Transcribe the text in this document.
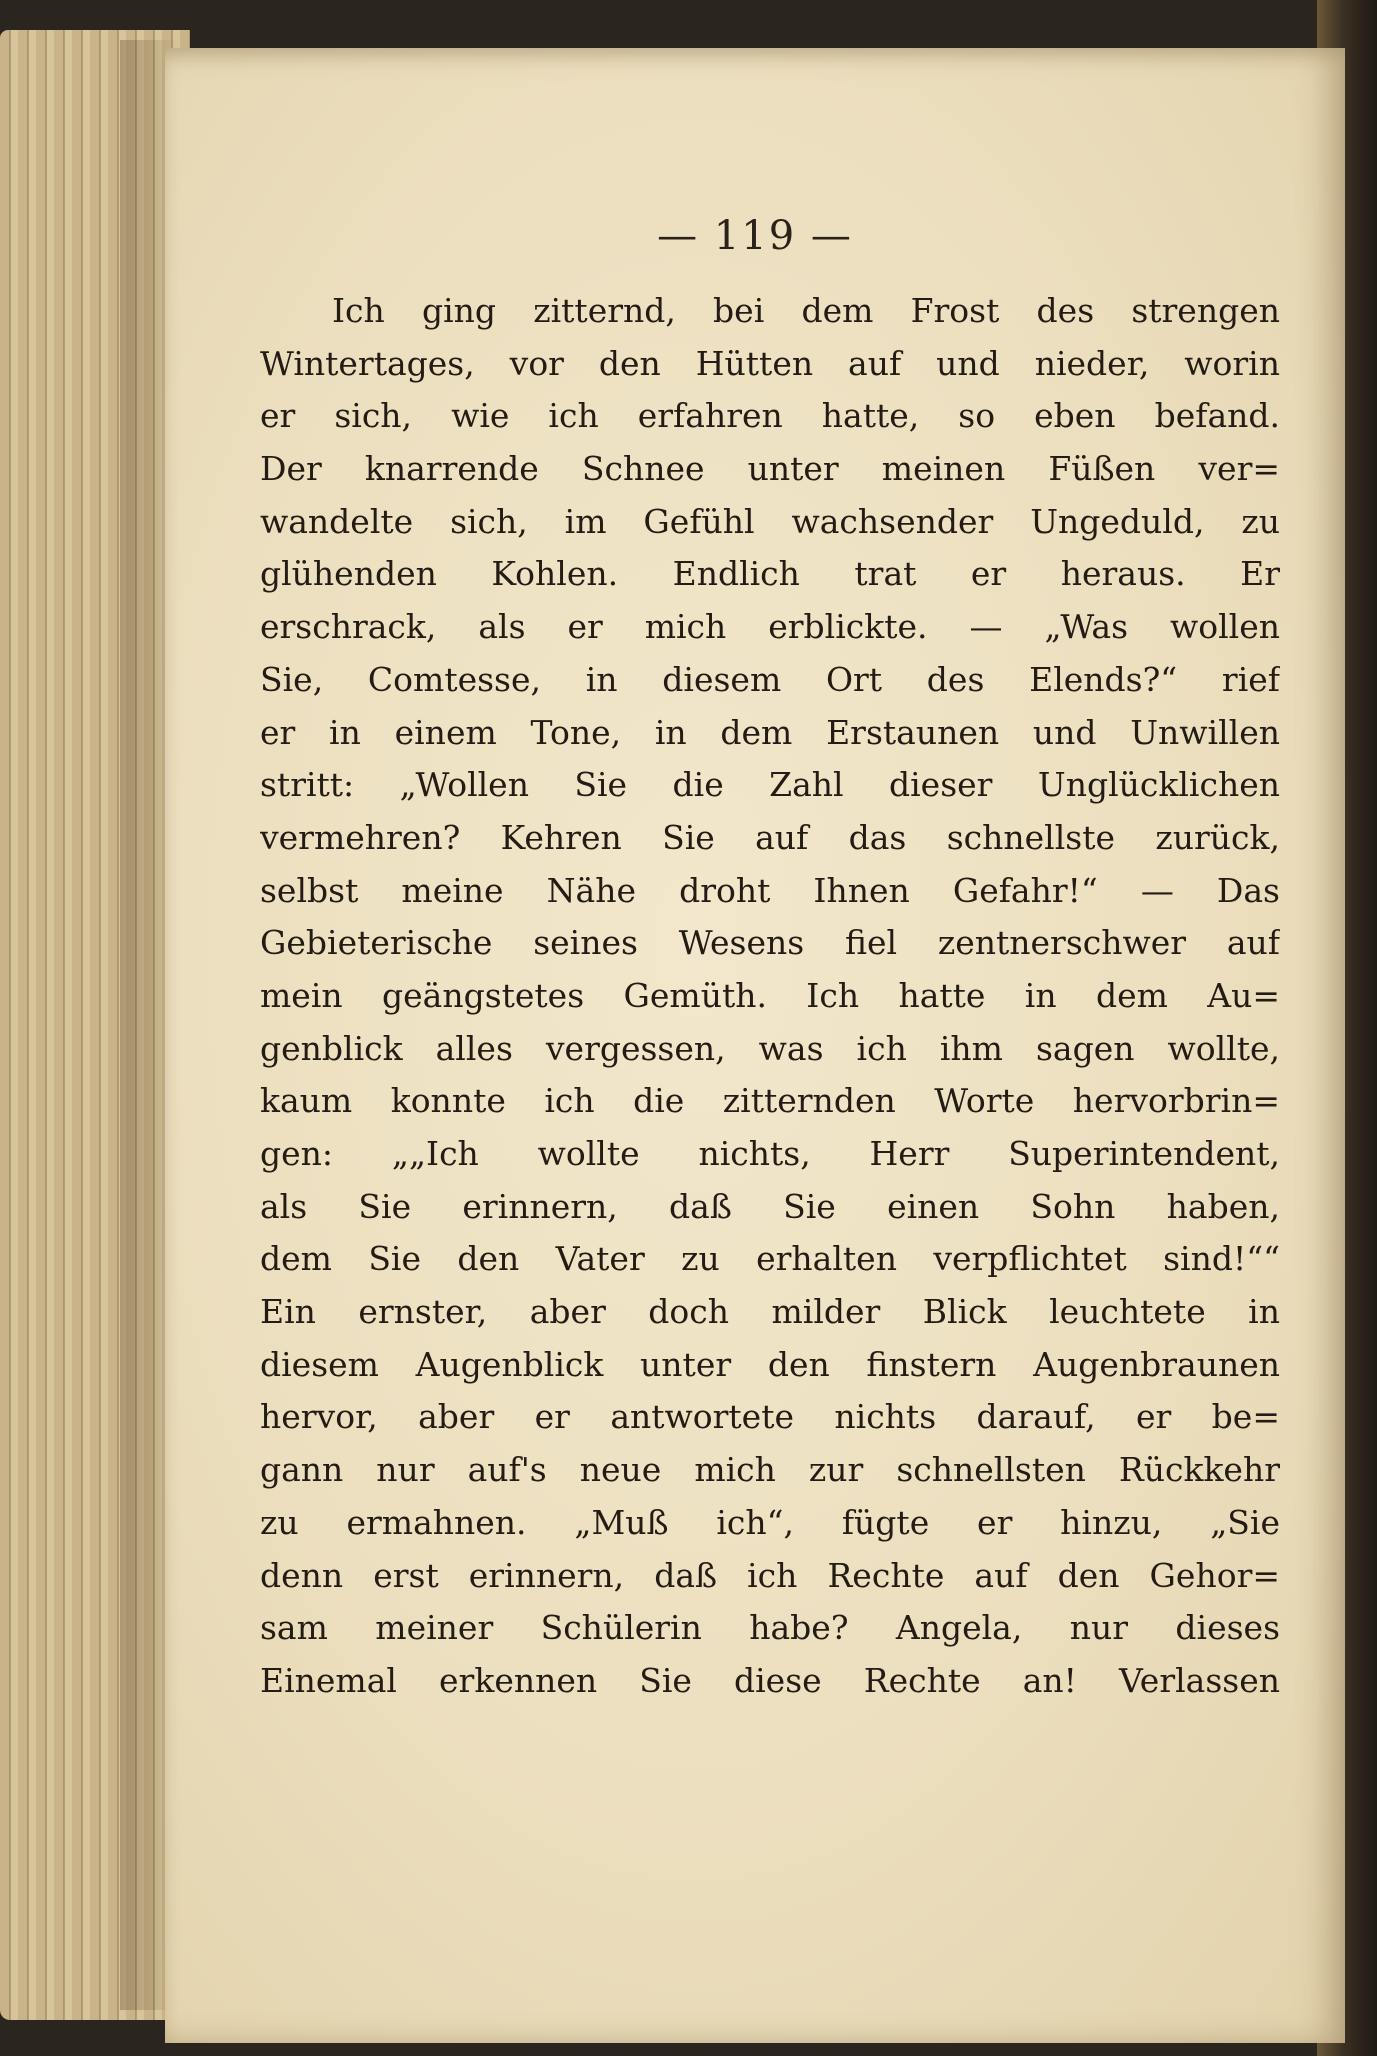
— 119 —
Ich ging zitternd, bei dem Frost des strengen
Wintertages, vor den Hütten auf und nieder, worin
er sich, wie ich erfahren hatte, so eben befand.
Der knarrende Schnee unter meinen Füßen ver=
wandelte sich, im Gefühl wachsender Ungeduld, zu
glühenden Kohlen. Endlich trat er heraus. Er
erschrack, als er mich erblickte. — „Was wollen
Sie, Comtesse, in diesem Ort des Elends?“ rief
er in einem Tone, in dem Erstaunen und Unwillen
stritt: „Wollen Sie die Zahl dieser Unglücklichen
vermehren? Kehren Sie auf das schnellste zurück,
selbst meine Nähe droht Ihnen Gefahr!“ — Das
Gebieterische seines Wesens fiel zentnerschwer auf
mein geängstetes Gemüth. Ich hatte in dem Au=
genblick alles vergessen, was ich ihm sagen wollte,
kaum konnte ich die zitternden Worte hervorbrin=
gen: „„Ich wollte nichts, Herr Superintendent,
als Sie erinnern, daß Sie einen Sohn haben,
dem Sie den Vater zu erhalten verpflichtet sind!““
Ein ernster, aber doch milder Blick leuchtete in
diesem Augenblick unter den finstern Augenbraunen
hervor, aber er antwortete nichts darauf, er be=
gann nur auf's neue mich zur schnellsten Rückkehr
zu ermahnen. „Muß ich“, fügte er hinzu, „Sie
denn erst erinnern, daß ich Rechte auf den Gehor=
sam meiner Schülerin habe? Angela, nur dieses
Einemal erkennen Sie diese Rechte an! Verlassen
